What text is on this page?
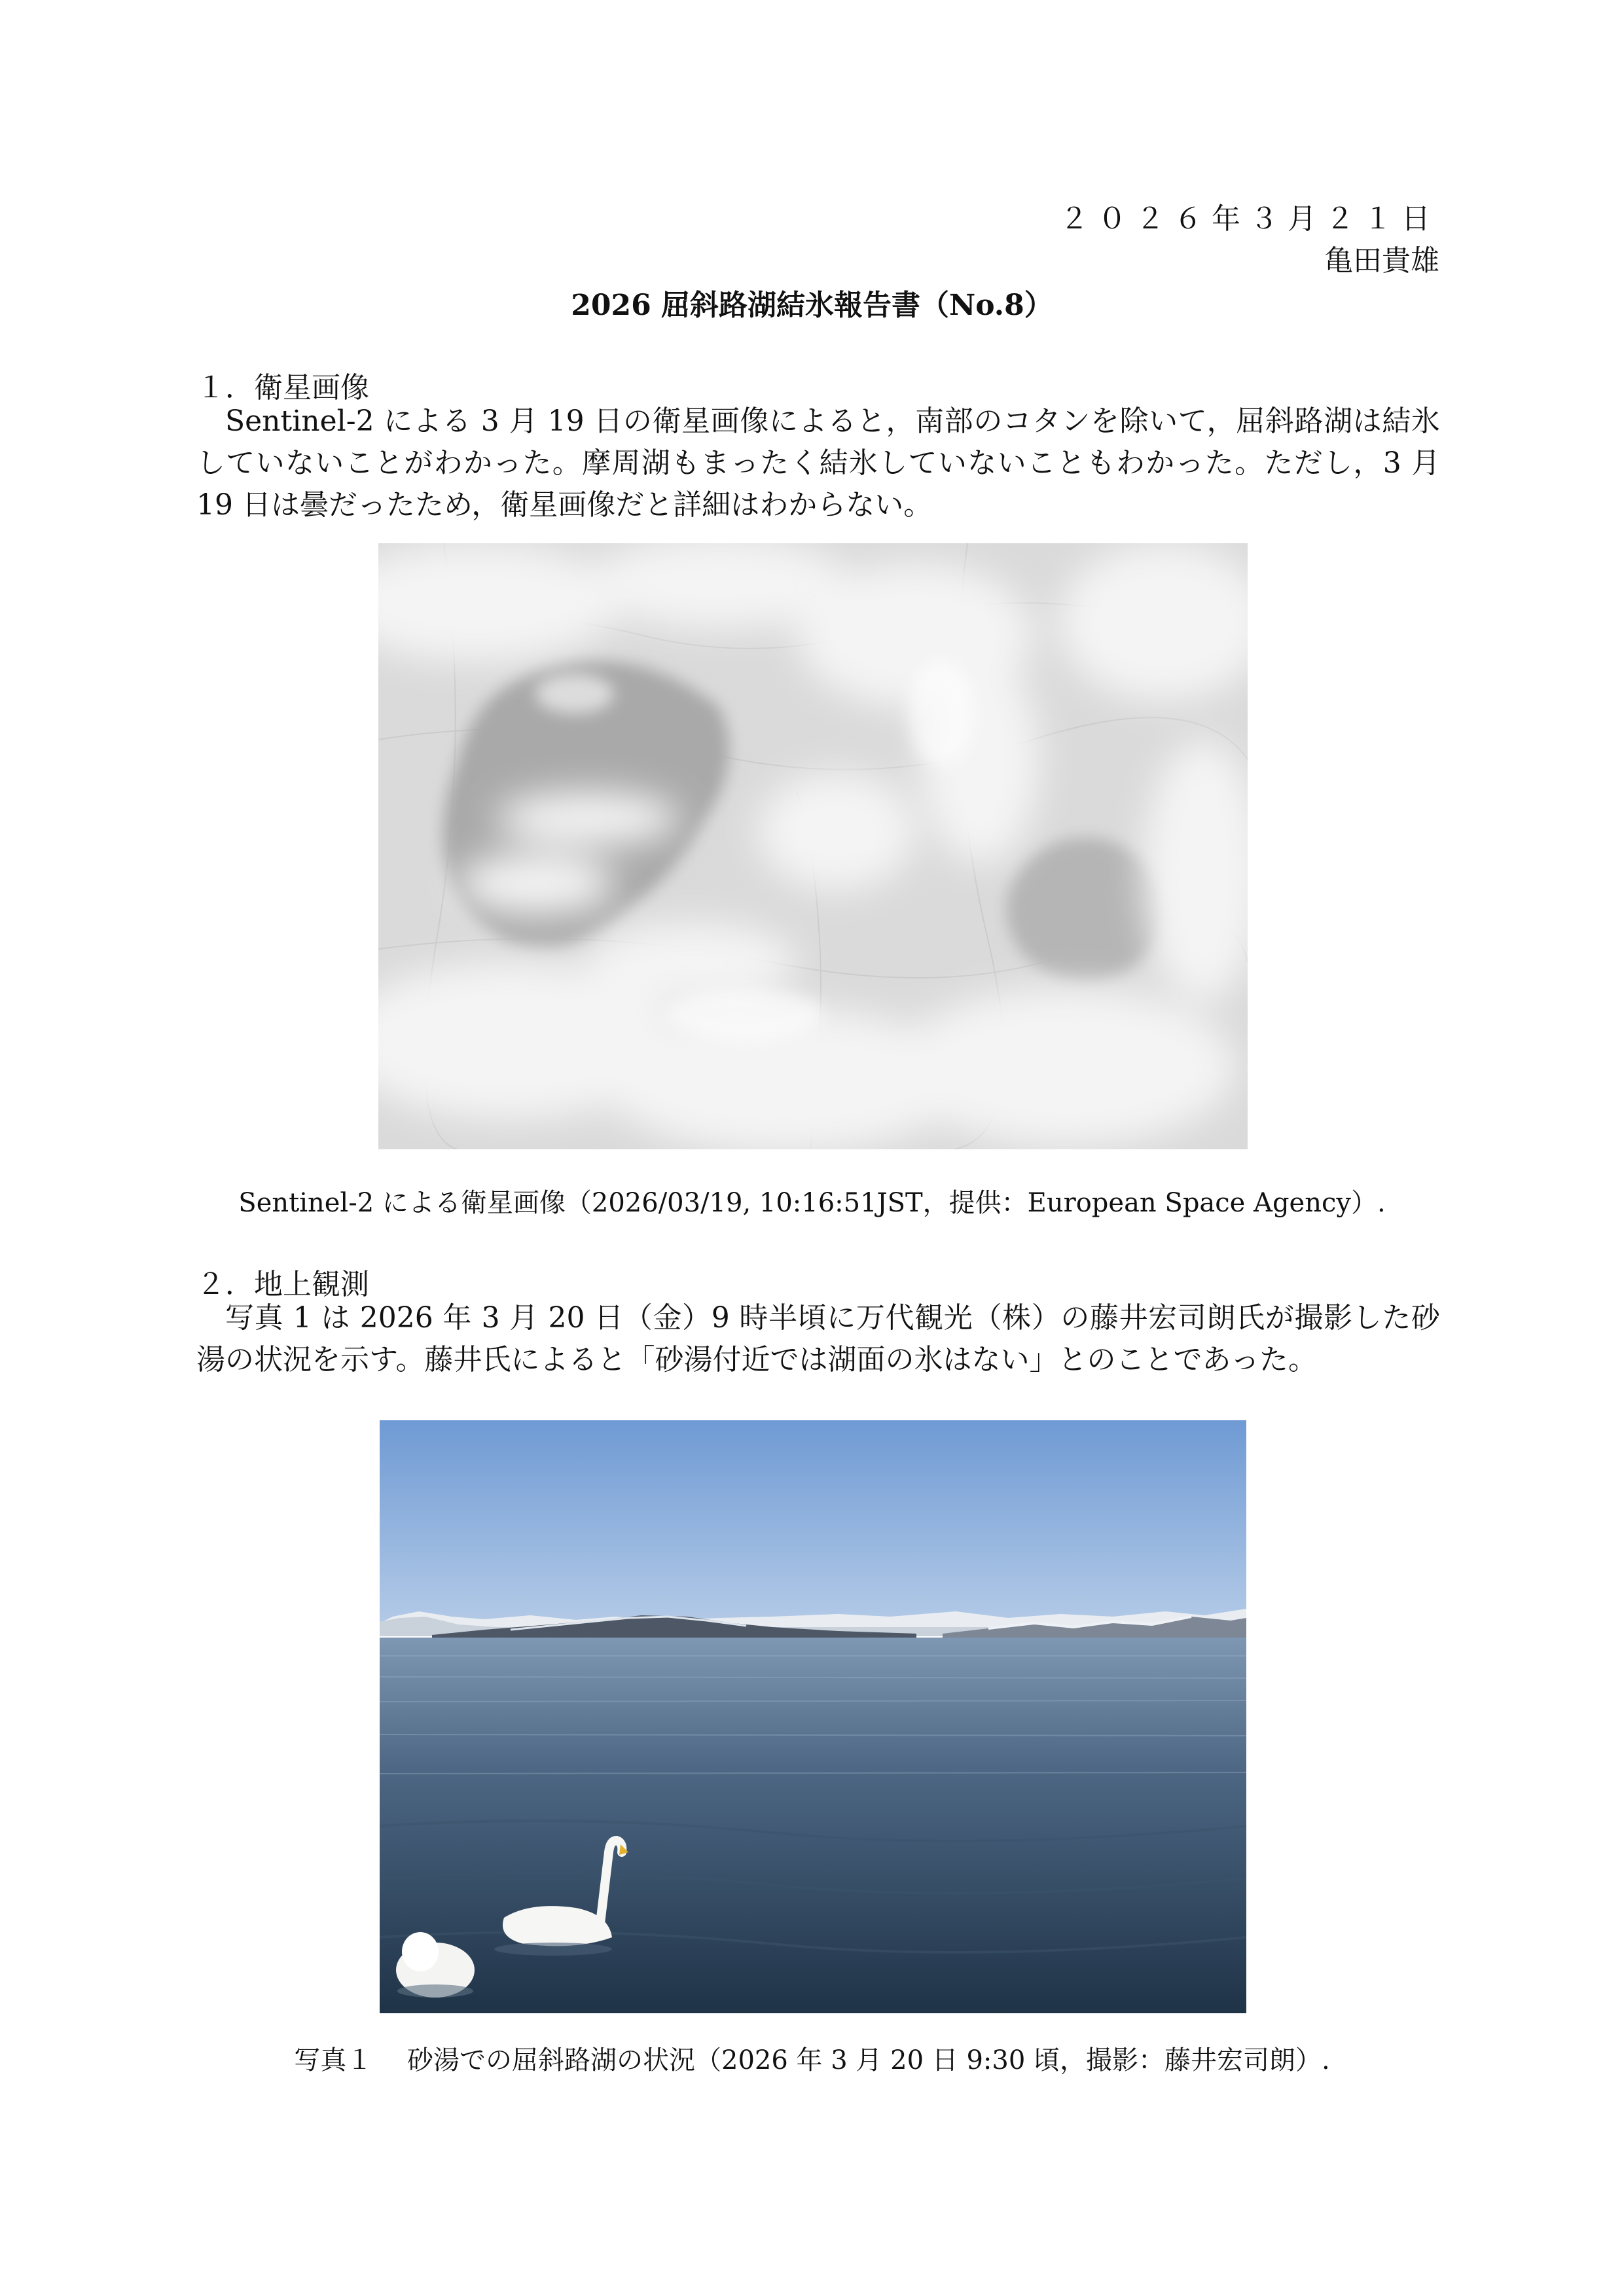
２０２６年３月２１日
亀田貴雄
2026 屈斜路湖結氷報告書（No.8）
１．衛星画像

Sentinel-2 による 3 月 19 日の衛星画像によると，南部のコタンを除いて，屈斜路湖は結氷していないことがわかった。摩周湖もまったく結氷していないこともわかった。ただし，3 月 19 日は曇だったため，衛星画像だと詳細はわからない。

Sentinel-2 による衛星画像（2026/03/19, 10:16:51JST，提供：European Space Agency）.
２．地上観測

写真 1 は 2026 年 3 月 20 日（金）9 時半頃に万代観光（株）の藤井宏司朗氏が撮影した砂湯の状況を示す。藤井氏によると「砂湯付近では湖面の氷はない」とのことであった。

写真１　 砂湯での屈斜路湖の状況（2026 年 3 月 20 日 9:30 頃，撮影：藤井宏司朗）.
